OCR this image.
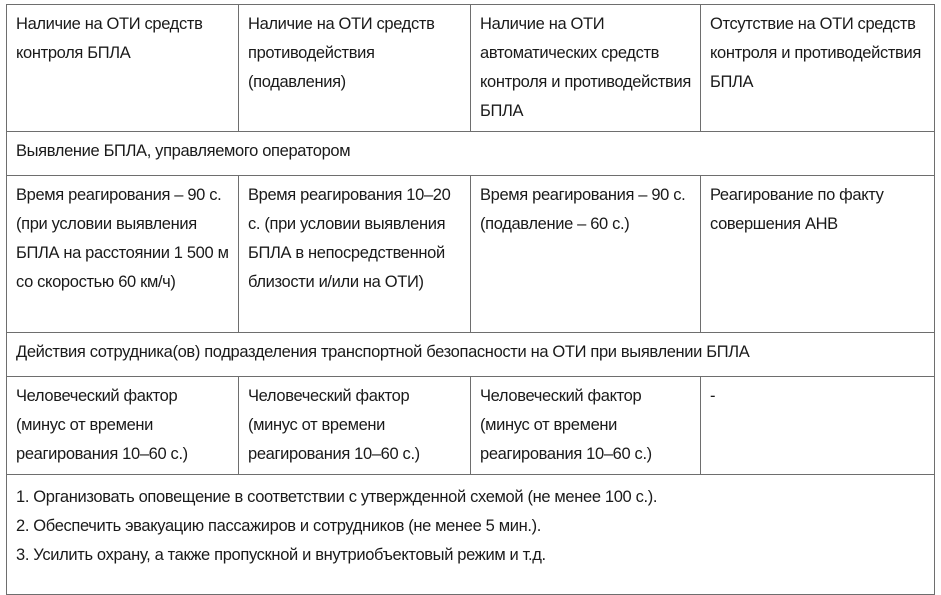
Наличие на ОТИ средств контроля БПЛА	Наличие на ОТИ средств противодействия (подавления)	Наличие на ОТИ автоматических средств контроля и противодействия БПЛА	Отсутствие на ОТИ средств контроля и противодействия БПЛА
Выявление БПЛА, управляемого оператором			
Время реагирования – 90 с. (при условии выявления БПЛА на расстоянии 1 500 м со скоростью 60 км/ч)	Время реагирования 10–20 с. (при условии выявления БПЛА в непосредственной близости и/или на ОТИ)	Время реагирования – 90 с. (подавление – 60 с.)	Реагирование по факту совершения АНВ
Действия сотрудника(ов) подразделения транспортной безопасности на ОТИ при выявлении БПЛА			
Человеческий фактор (минус от времени реагирования 10–60 с.)	Человеческий фактор (минус от времени реагирования 10–60 с.)	Человеческий фактор (минус от времени реагирования 10–60 с.)	-

1. Организовать оповещение в соответствии с утвержденной схемой (не менее 100 с.).
2. Обеспечить эвакуацию пассажиров и сотрудников (не менее 5 мин.).
3. Усилить охрану, а также пропускной и внутриобъектовый режим и т.д.			
